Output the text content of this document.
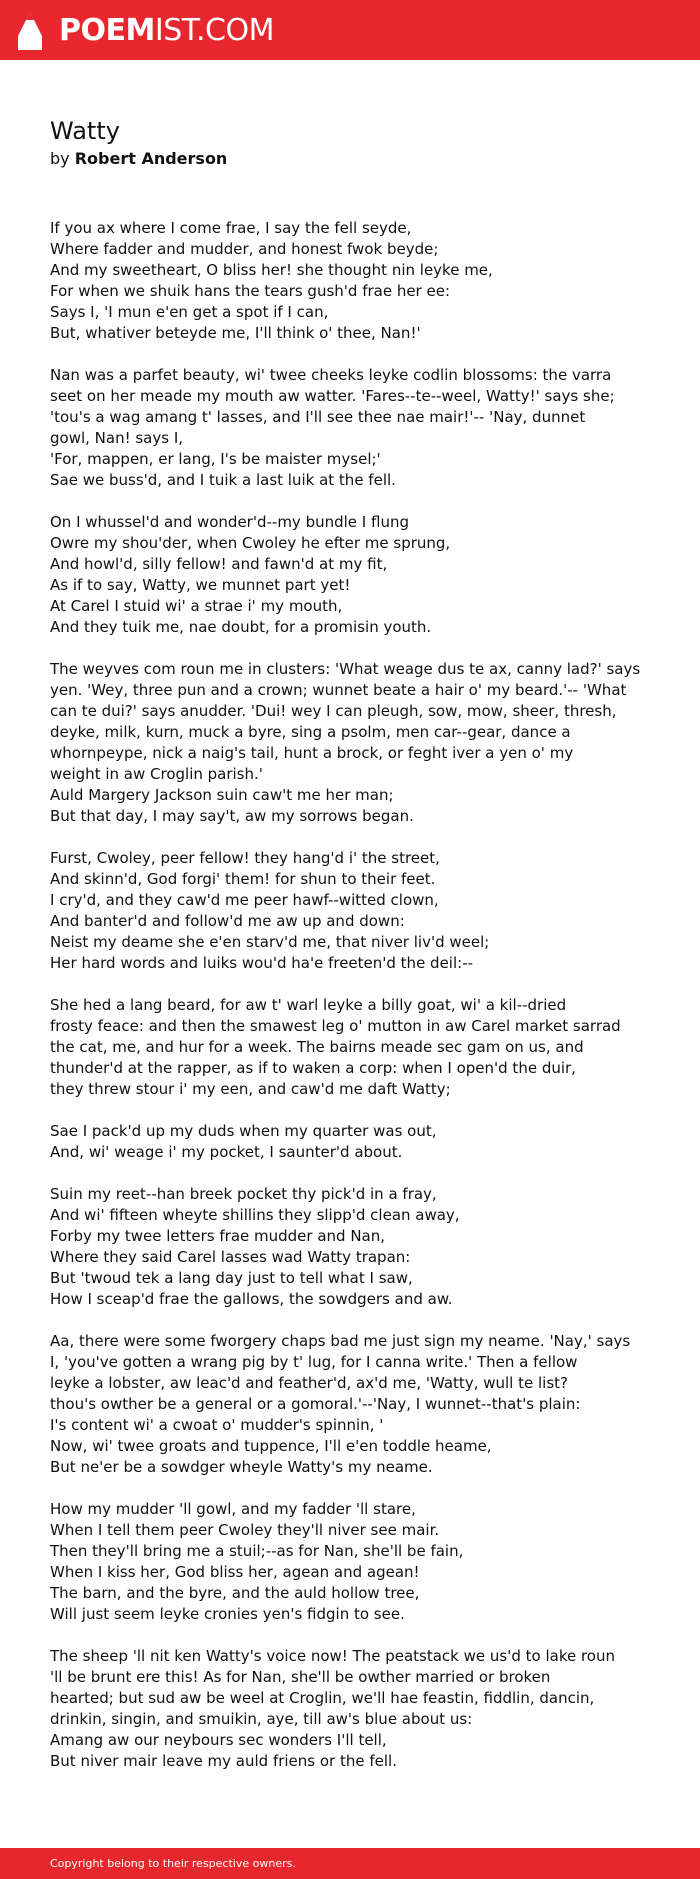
POEMIST.COM
Watty
by Robert Anderson
If you ax where I come frae, I say the fell seyde,
Where fadder and mudder, and honest fwok beyde;
And my sweetheart, O bliss her! she thought nin leyke me,
For when we shuik hans the tears gush'd frae her ee:
Says I, 'I mun e'en get a spot if I can,
But, whativer beteyde me, I'll think o' thee, Nan!'
Nan was a parfet beauty, wi' twee cheeks leyke codlin blossoms: the varra
seet on her meade my mouth aw watter. 'Fares--te--weel, Watty!' says she;
'tou's a wag amang t' lasses, and I'll see thee nae mair!'-- 'Nay, dunnet
gowl, Nan! says I,
'For, mappen, er lang, I's be maister mysel;'
Sae we buss'd, and I tuik a last luik at the fell.
On I whussel'd and wonder'd--my bundle I flung
Owre my shou'der, when Cwoley he efter me sprung,
And howl'd, silly fellow! and fawn'd at my fit,
As if to say, Watty, we munnet part yet!
At Carel I stuid wi' a strae i' my mouth,
And they tuik me, nae doubt, for a promisin youth.
The weyves com roun me in clusters: 'What weage dus te ax, canny lad?' says
yen. 'Wey, three pun and a crown; wunnet beate a hair o' my beard.'-- 'What
can te dui?' says anudder. 'Dui! wey I can pleugh, sow, mow, sheer, thresh,
deyke, milk, kurn, muck a byre, sing a psolm, men car--gear, dance a
whornpeype, nick a naig's tail, hunt a brock, or feght iver a yen o' my
weight in aw Croglin parish.'
Auld Margery Jackson suin caw't me her man;
But that day, I may say't, aw my sorrows began.
Furst, Cwoley, peer fellow! they hang'd i' the street,
And skinn'd, God forgi' them! for shun to their feet.
I cry'd, and they caw'd me peer hawf--witted clown,
And banter'd and follow'd me aw up and down:
Neist my deame she e'en starv'd me, that niver liv'd weel;
Her hard words and luiks wou'd ha'e freeten'd the deil:--
She hed a lang beard, for aw t' warl leyke a billy goat, wi' a kil--dried
frosty feace: and then the smawest leg o' mutton in aw Carel market sarrad
the cat, me, and hur for a week. The bairns meade sec gam on us, and
thunder'd at the rapper, as if to waken a corp: when I open'd the duir,
they threw stour i' my een, and caw'd me daft Watty;
Sae I pack'd up my duds when my quarter was out,
And, wi' weage i' my pocket, I saunter'd about.
Suin my reet--han breek pocket thy pick'd in a fray,
And wi' fifteen wheyte shillins they slipp'd clean away,
Forby my twee letters frae mudder and Nan,
Where they said Carel lasses wad Watty trapan:
But 'twoud tek a lang day just to tell what I saw,
How I sceap'd frae the gallows, the sowdgers and aw.
Aa, there were some fworgery chaps bad me just sign my neame. 'Nay,' says
I, 'you've gotten a wrang pig by t' lug, for I canna write.' Then a fellow
leyke a lobster, aw leac'd and feather'd, ax'd me, 'Watty, wull te list?
thou's owther be a general or a gomoral.'--'Nay, I wunnet--that's plain:
I's content wi' a cwoat o' mudder's spinnin, '
Now, wi' twee groats and tuppence, I'll e'en toddle heame,
But ne'er be a sowdger wheyle Watty's my neame.
How my mudder 'll gowl, and my fadder 'll stare,
When I tell them peer Cwoley they'll niver see mair.
Then they'll bring me a stuil;--as for Nan, she'll be fain,
When I kiss her, God bliss her, agean and agean!
The barn, and the byre, and the auld hollow tree,
Will just seem leyke cronies yen's fidgin to see.
The sheep 'll nit ken Watty's voice now! The peatstack we us'd to lake roun
'll be brunt ere this! As for Nan, she'll be owther married or broken
hearted; but sud aw be weel at Croglin, we'll hae feastin, fiddlin, dancin,
drinkin, singin, and smuikin, aye, till aw's blue about us:
Amang aw our neybours sec wonders I'll tell,
But niver mair leave my auld friens or the fell.
Copyright belong to their respective owners.
